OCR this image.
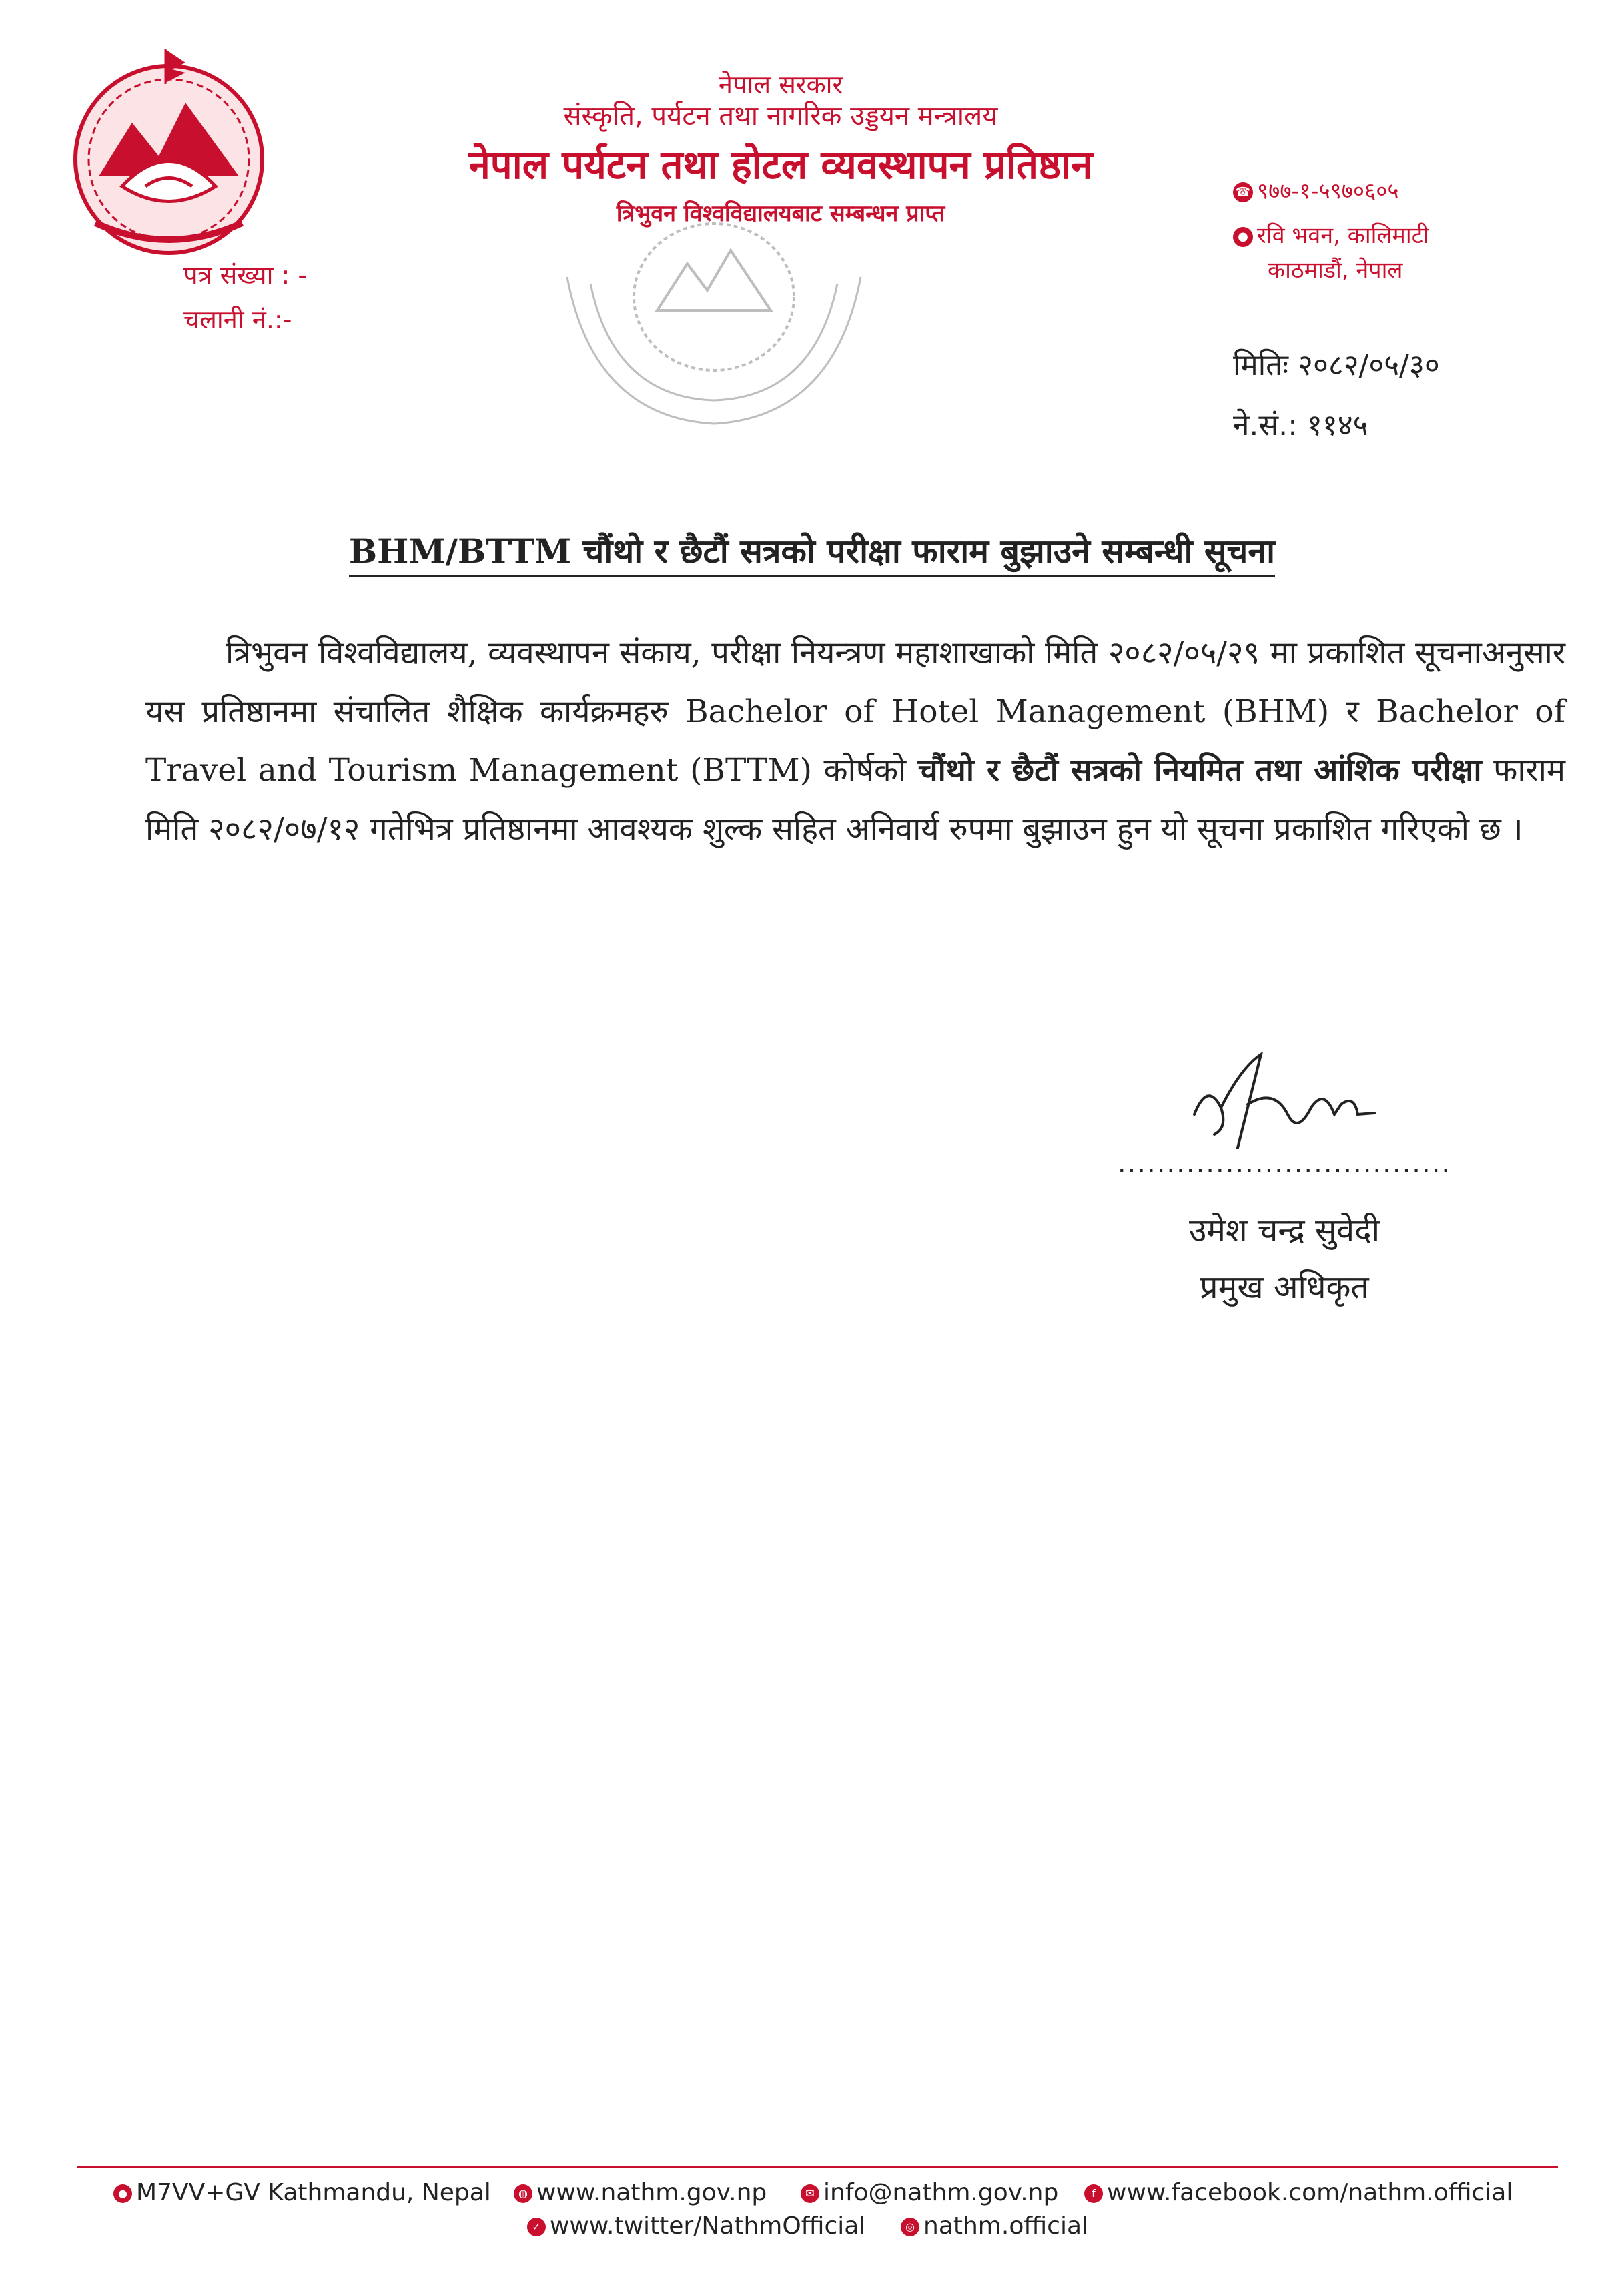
नेपाल सरकार
संस्कृति, पर्यटन तथा नागरिक उड्डयन मन्त्रालय
नेपाल पर्यटन तथा होटल व्यवस्थापन प्रतिष्ठान
त्रिभुवन विश्वविद्यालयबाट सम्बन्धन प्राप्त
पत्र संख्या : -
चलानी नं.:-
☎ ९७७-१-५९७०६०५
● रवि भवन, कालिमाटी
काठमाडौं, नेपाल
मितिः २०८२/०५/३०
ने.सं.: ११४५
BHM/BTTM चौंथो र छैटौं सत्रको परीक्षा फाराम बुझाउने सम्बन्धी सूचना
त्रिभुवन विश्वविद्यालय, व्यवस्थापन संकाय, परीक्षा नियन्त्रण महाशाखाको मिति २०८२/०५/२९ मा प्रकाशित सूचनाअनुसार यस प्रतिष्ठानमा संचालित शैक्षिक कार्यक्रमहरु Bachelor of Hotel Management (BHM) र Bachelor of Travel and Tourism Management (BTTM) कोर्षको चौंथो र छैटौं सत्रको नियमित तथा आंशिक परीक्षा फाराम मिति २०८२/०७/१२ गतेभित्र प्रतिष्ठानमा आवश्यक शुल्क सहित अनिवार्य रुपमा बुझाउन हुन यो सूचना प्रकाशित गरिएको छ ।
..................................
उमेश चन्द्र सुवेदी
प्रमुख अधिकृत
● M7VV+GV Kathmandu, Nepal	◍ www.nathm.gov.np	✉ info@nathm.gov.np	f www.facebook.com/nathm.official
✓ www.twitter/NathmOfficial	◎ nathm.official
